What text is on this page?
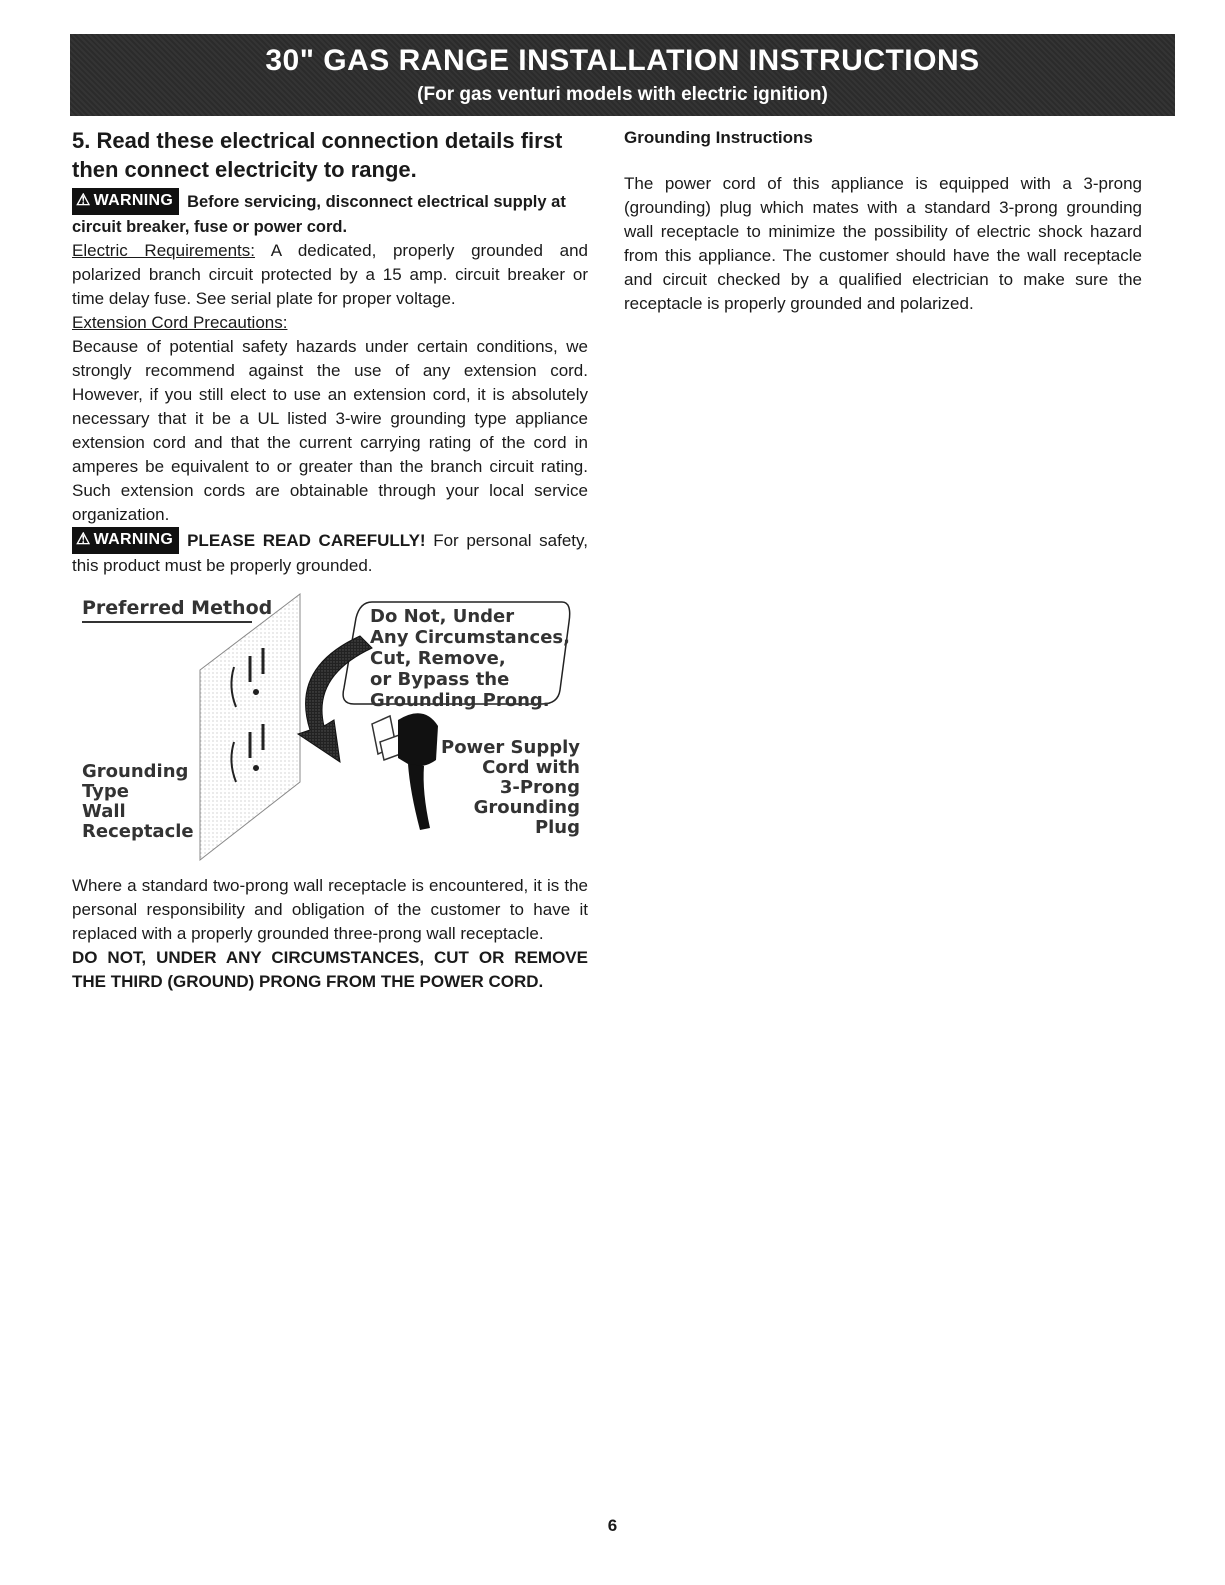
30" GAS RANGE INSTALLATION INSTRUCTIONS
(For gas venturi models with electric ignition)
5. Read these electrical connection details first then connect electricity to range.
⚠ WARNING Before servicing, disconnect electrical supply at circuit breaker, fuse or power cord.

Electric Requirements: A dedicated, properly grounded and polarized branch circuit protected by a 15 amp. circuit breaker or time delay fuse. See serial plate for proper voltage.

Extension Cord Precautions:
Because of potential safety hazards under certain conditions, we strongly recommend against the use of any extension cord. However, if you still elect to use an extension cord, it is absolutely necessary that it be a UL listed 3-wire grounding type appliance extension cord and that the current carrying rating of the cord in amperes be equivalent to or greater than the branch circuit rating. Such extension cords are obtainable through your local service organization.

⚠ WARNING PLEASE READ CAREFULLY! For personal safety, this product must be properly grounded.

Preferred Method	Do Not, Under
Any Circumstances,
Cut, Remove,
or Bypass the
Grounding Prong.
Grounding
Type
Wall
Receptacle
Power Supply
Cord with
3-Prong
Grounding
Plug

Where a standard two-prong wall receptacle is encountered, it is the personal responsibility and obligation of the customer to have it replaced with a properly grounded three-prong wall receptacle.

DO NOT, UNDER ANY CIRCUMSTANCES, CUT OR REMOVE THE THIRD (GROUND) PRONG FROM THE POWER CORD.

Grounding Instructions

The power cord of this appliance is equipped with a 3-prong (grounding) plug which mates with a standard 3-prong grounding wall receptacle to minimize the possibility of electric shock hazard from this appliance. The customer should have the wall receptacle and circuit checked by a qualified electrician to make sure the receptacle is properly grounded and polarized.

6
